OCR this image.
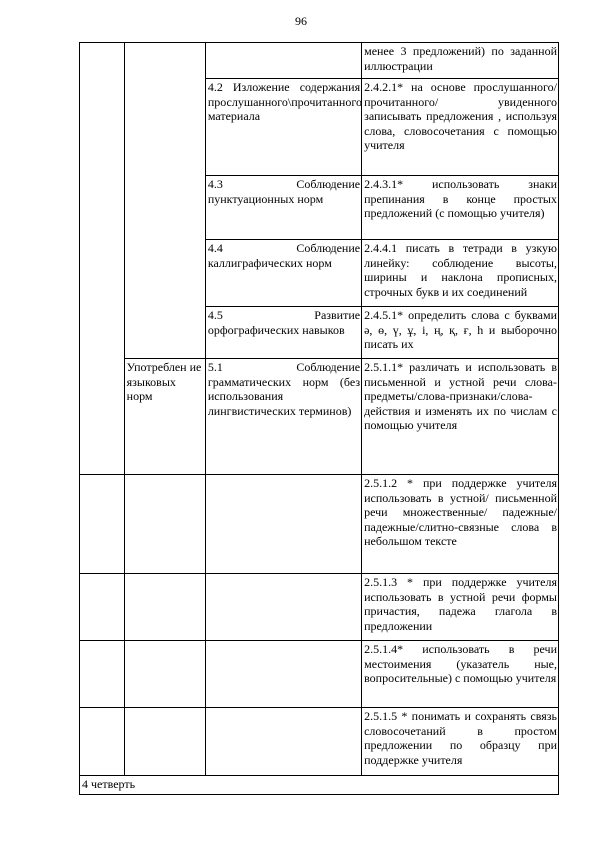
96
			менее 3 предложений) по заданной иллюстрации
		4.2 Изложение содержания прослушанного\прочитанного материала	2.4.2.1* на основе прослушанного/ прочитанного/ увиденного записывать предложения , используя слова, словосочетания с помощью учителя
		4.3 Соблюдение пунктуационных норм	2.4.3.1* использовать знаки препинания в конце простых предложений (с помощью учителя)
		4.4 Соблюдение каллиграфических норм	2.4.4.1 писать в тетради в узкую линейку: соблюдение высоты, ширины и наклона прописных, строчных букв и их соединений
		4.5 Развитие орфографических навыков	2.4.5.1* определить слова с буквами ә, ө, ү, ұ, і, ң, қ, ғ, һ и выборочно писать их
	Употреблен ие языковых норм	5.1 Соблюдение грамматических норм (без использования лингвистических терминов)	2.5.1.1* различать и использовать в письменной и устной речи слова-предметы/слова-признаки/слова-действия и изменять их по числам с помощью учителя
			2.5.1.2 * при поддержке учителя использовать в устной/ письменной речи множественные/ падежные/ падежные/слитно-связные слова в небольшом тексте
			2.5.1.3 * при поддержке учителя использовать в устной речи формы причастия, падежа глагола в предложении
			2.5.1.4* использовать в речи местоимения (указатель ные, вопросительные) с помощью учителя
			2.5.1.5 * понимать и сохранять связь словосочетаний в простом предложении по образцу при поддержке учителя
4 четверть			
